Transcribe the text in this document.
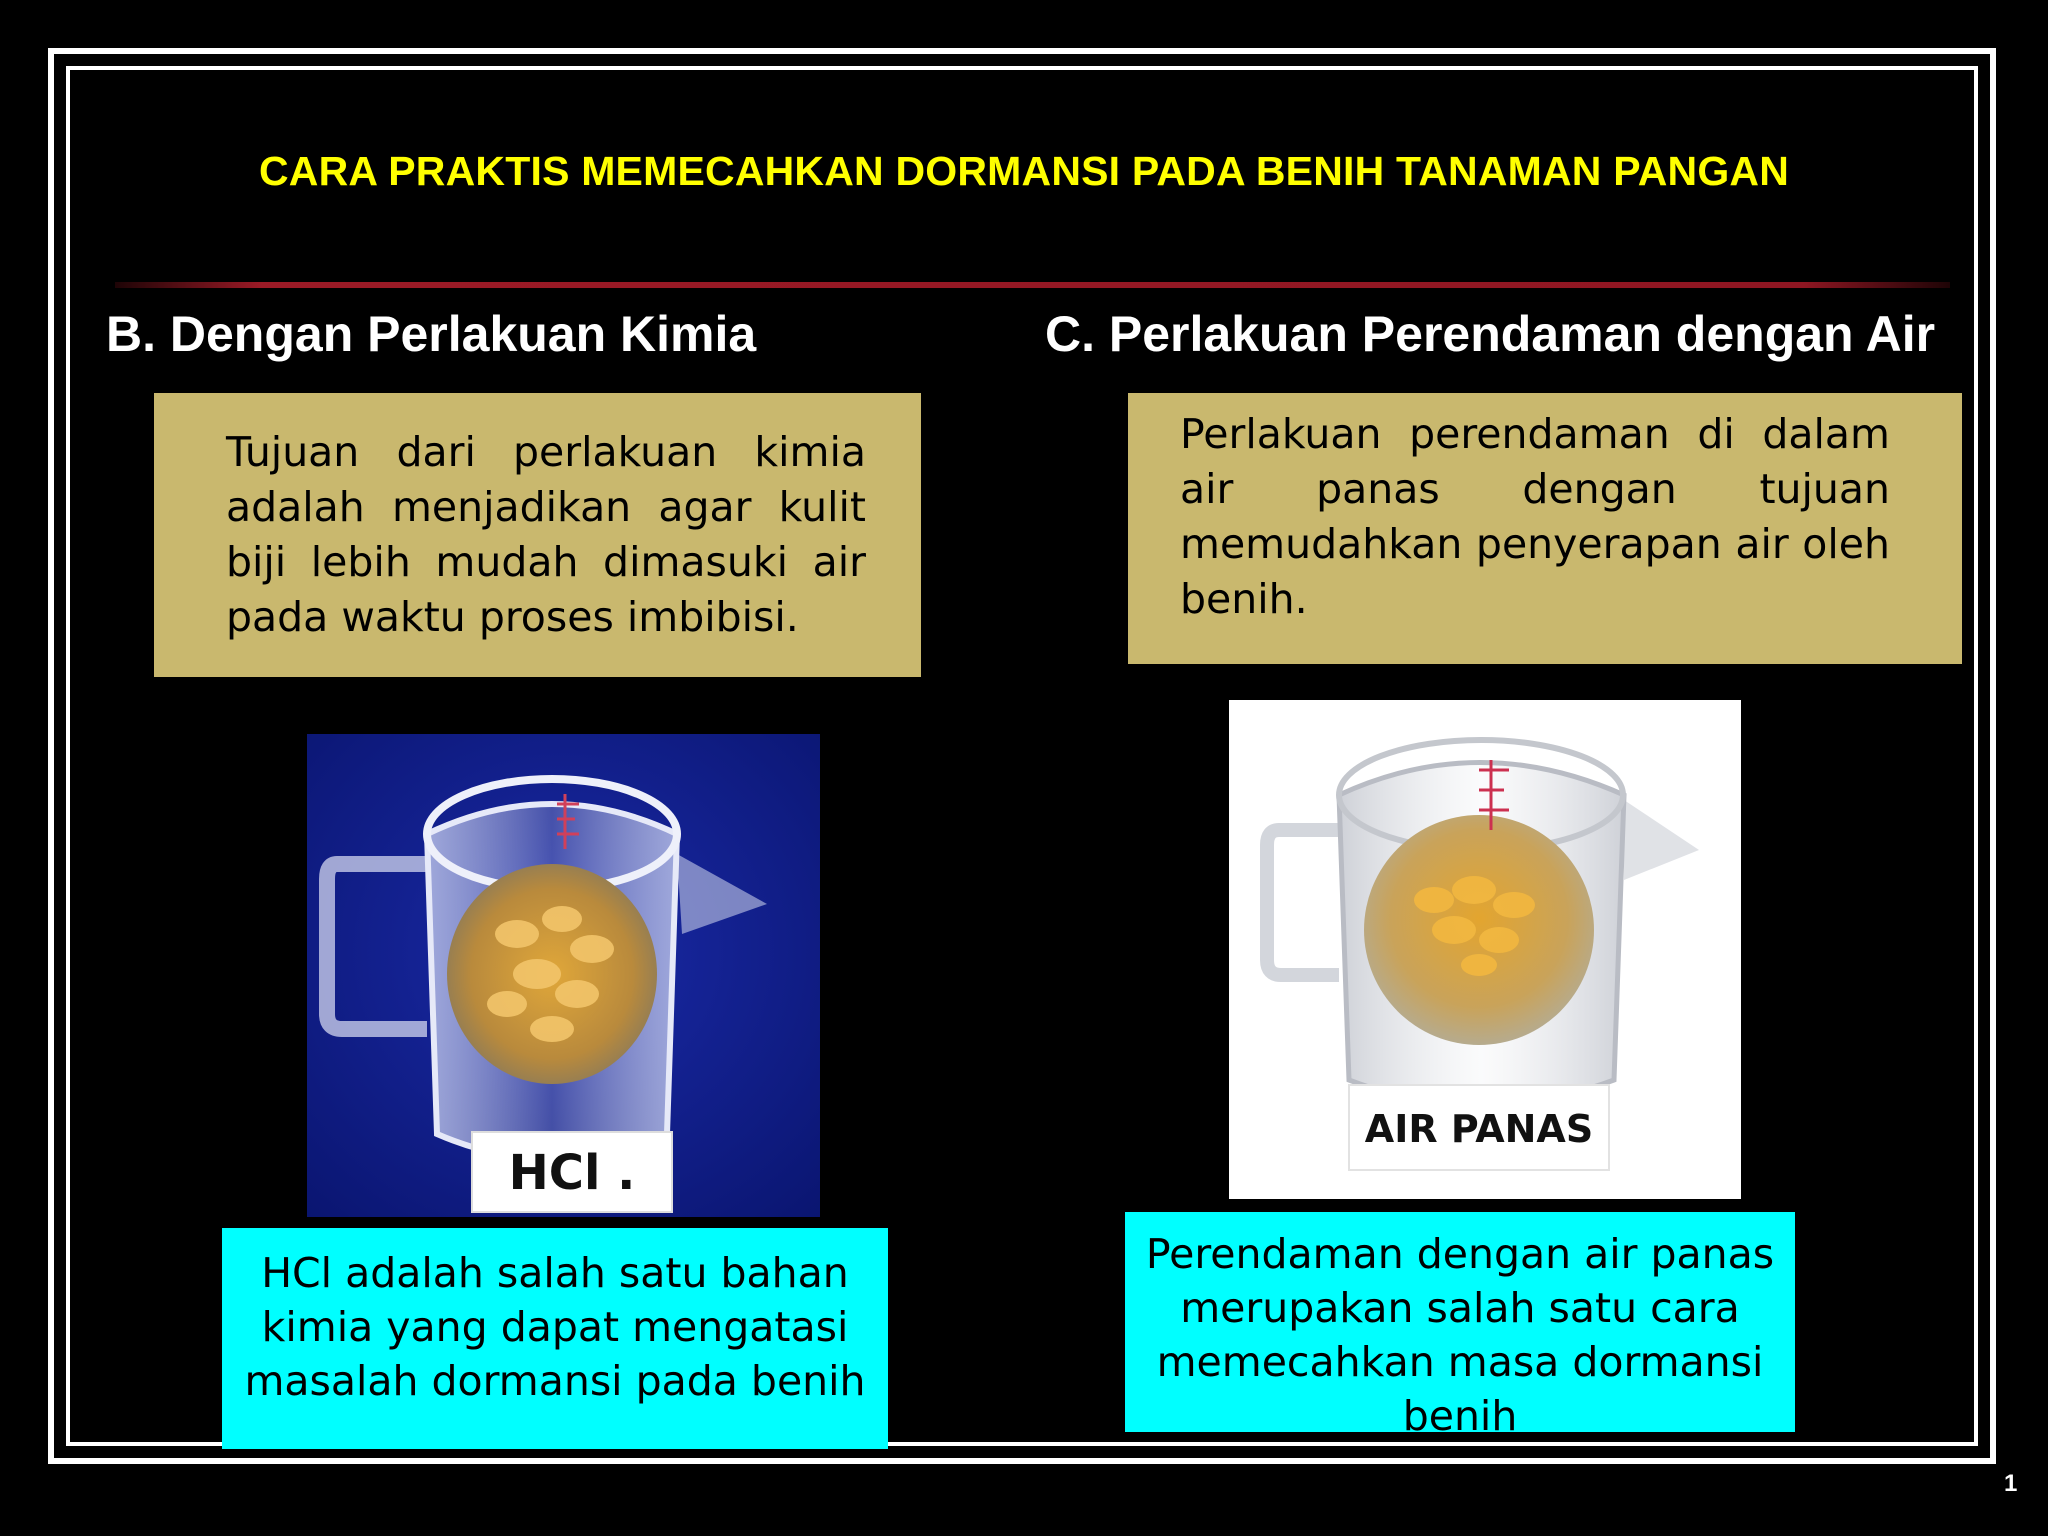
CARA PRAKTIS MEMECAHKAN DORMANSI PADA BENIH TANAMAN PANGAN
B. Dengan Perlakuan Kimia
Tujuan dari perlakuan kimia adalah menjadikan agar kulit biji lebih mudah dimasuki air pada waktu proses imbibisi.
HCl .
HCl adalah salah satu bahan kimia yang dapat mengatasi masalah dormansi pada benih
C. Perlakuan Perendaman dengan Air
Perlakuan perendaman di dalam air panas dengan tujuan memudahkan penyerapan air oleh benih.
AIR PANAS
Perendaman dengan air panas merupakan salah satu cara memecahkan masa dormansi benih
1
